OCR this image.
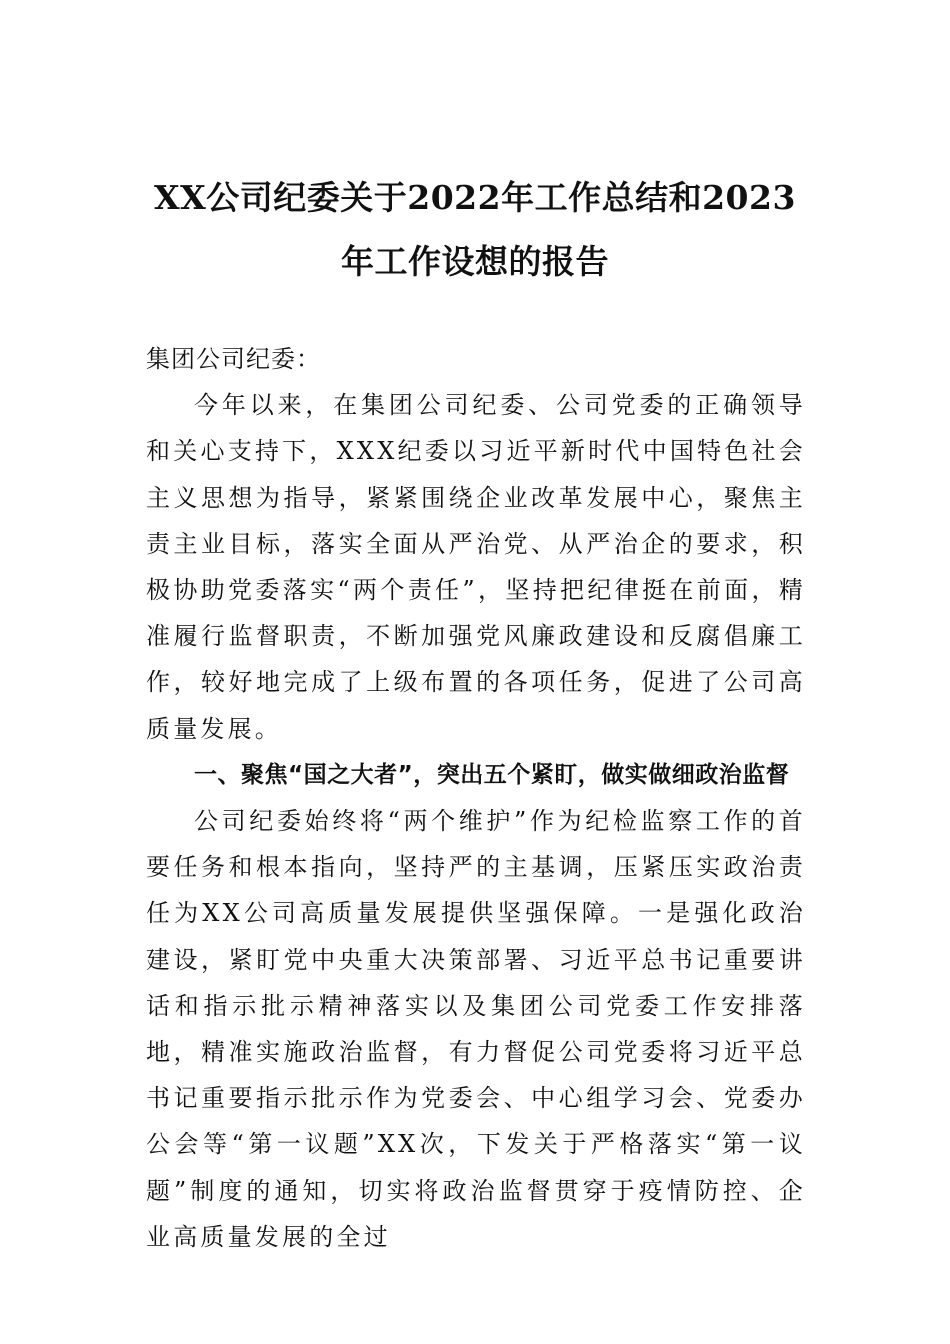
XX公司纪委关于2022年工作总结和2023
年工作设想的报告

集团公司纪委：

今年以来，在集团公司纪委、公司党委的正确领导和关心支持下，XXX纪委以习近平新时代中国特色社会主义思想为指导，紧紧围绕企业改革发展中心，聚焦主责主业目标，落实全面从严治党、从严治企的要求，积极协助党委落实“两个责任”，坚持把纪律挺在前面，精准履行监督职责，不断加强党风廉政建设和反腐倡廉工作，较好地完成了上级布置的各项任务，促进了公司高质量发展。

一、聚焦“国之大者”，突出五个紧盯，做实做细政治监督

公司纪委始终将“两个维护”作为纪检监察工作的首要任务和根本指向，坚持严的主基调，压紧压实政治责任为XX公司高质量发展提供坚强保障。一是强化政治建设，紧盯党中央重大决策部署、习近平总书记重要讲话和指示批示精神落实以及集团公司党委工作安排落地，精准实施政治监督，有力督促公司党委将习近平总书记重要指示批示作为党委会、中心组学习会、党委办公会等“第一议题”XX次，下发关于严格落实“第一议题”制度的通知，切实将政治监督贯穿于疫情防控、企业高质量发展的全过
